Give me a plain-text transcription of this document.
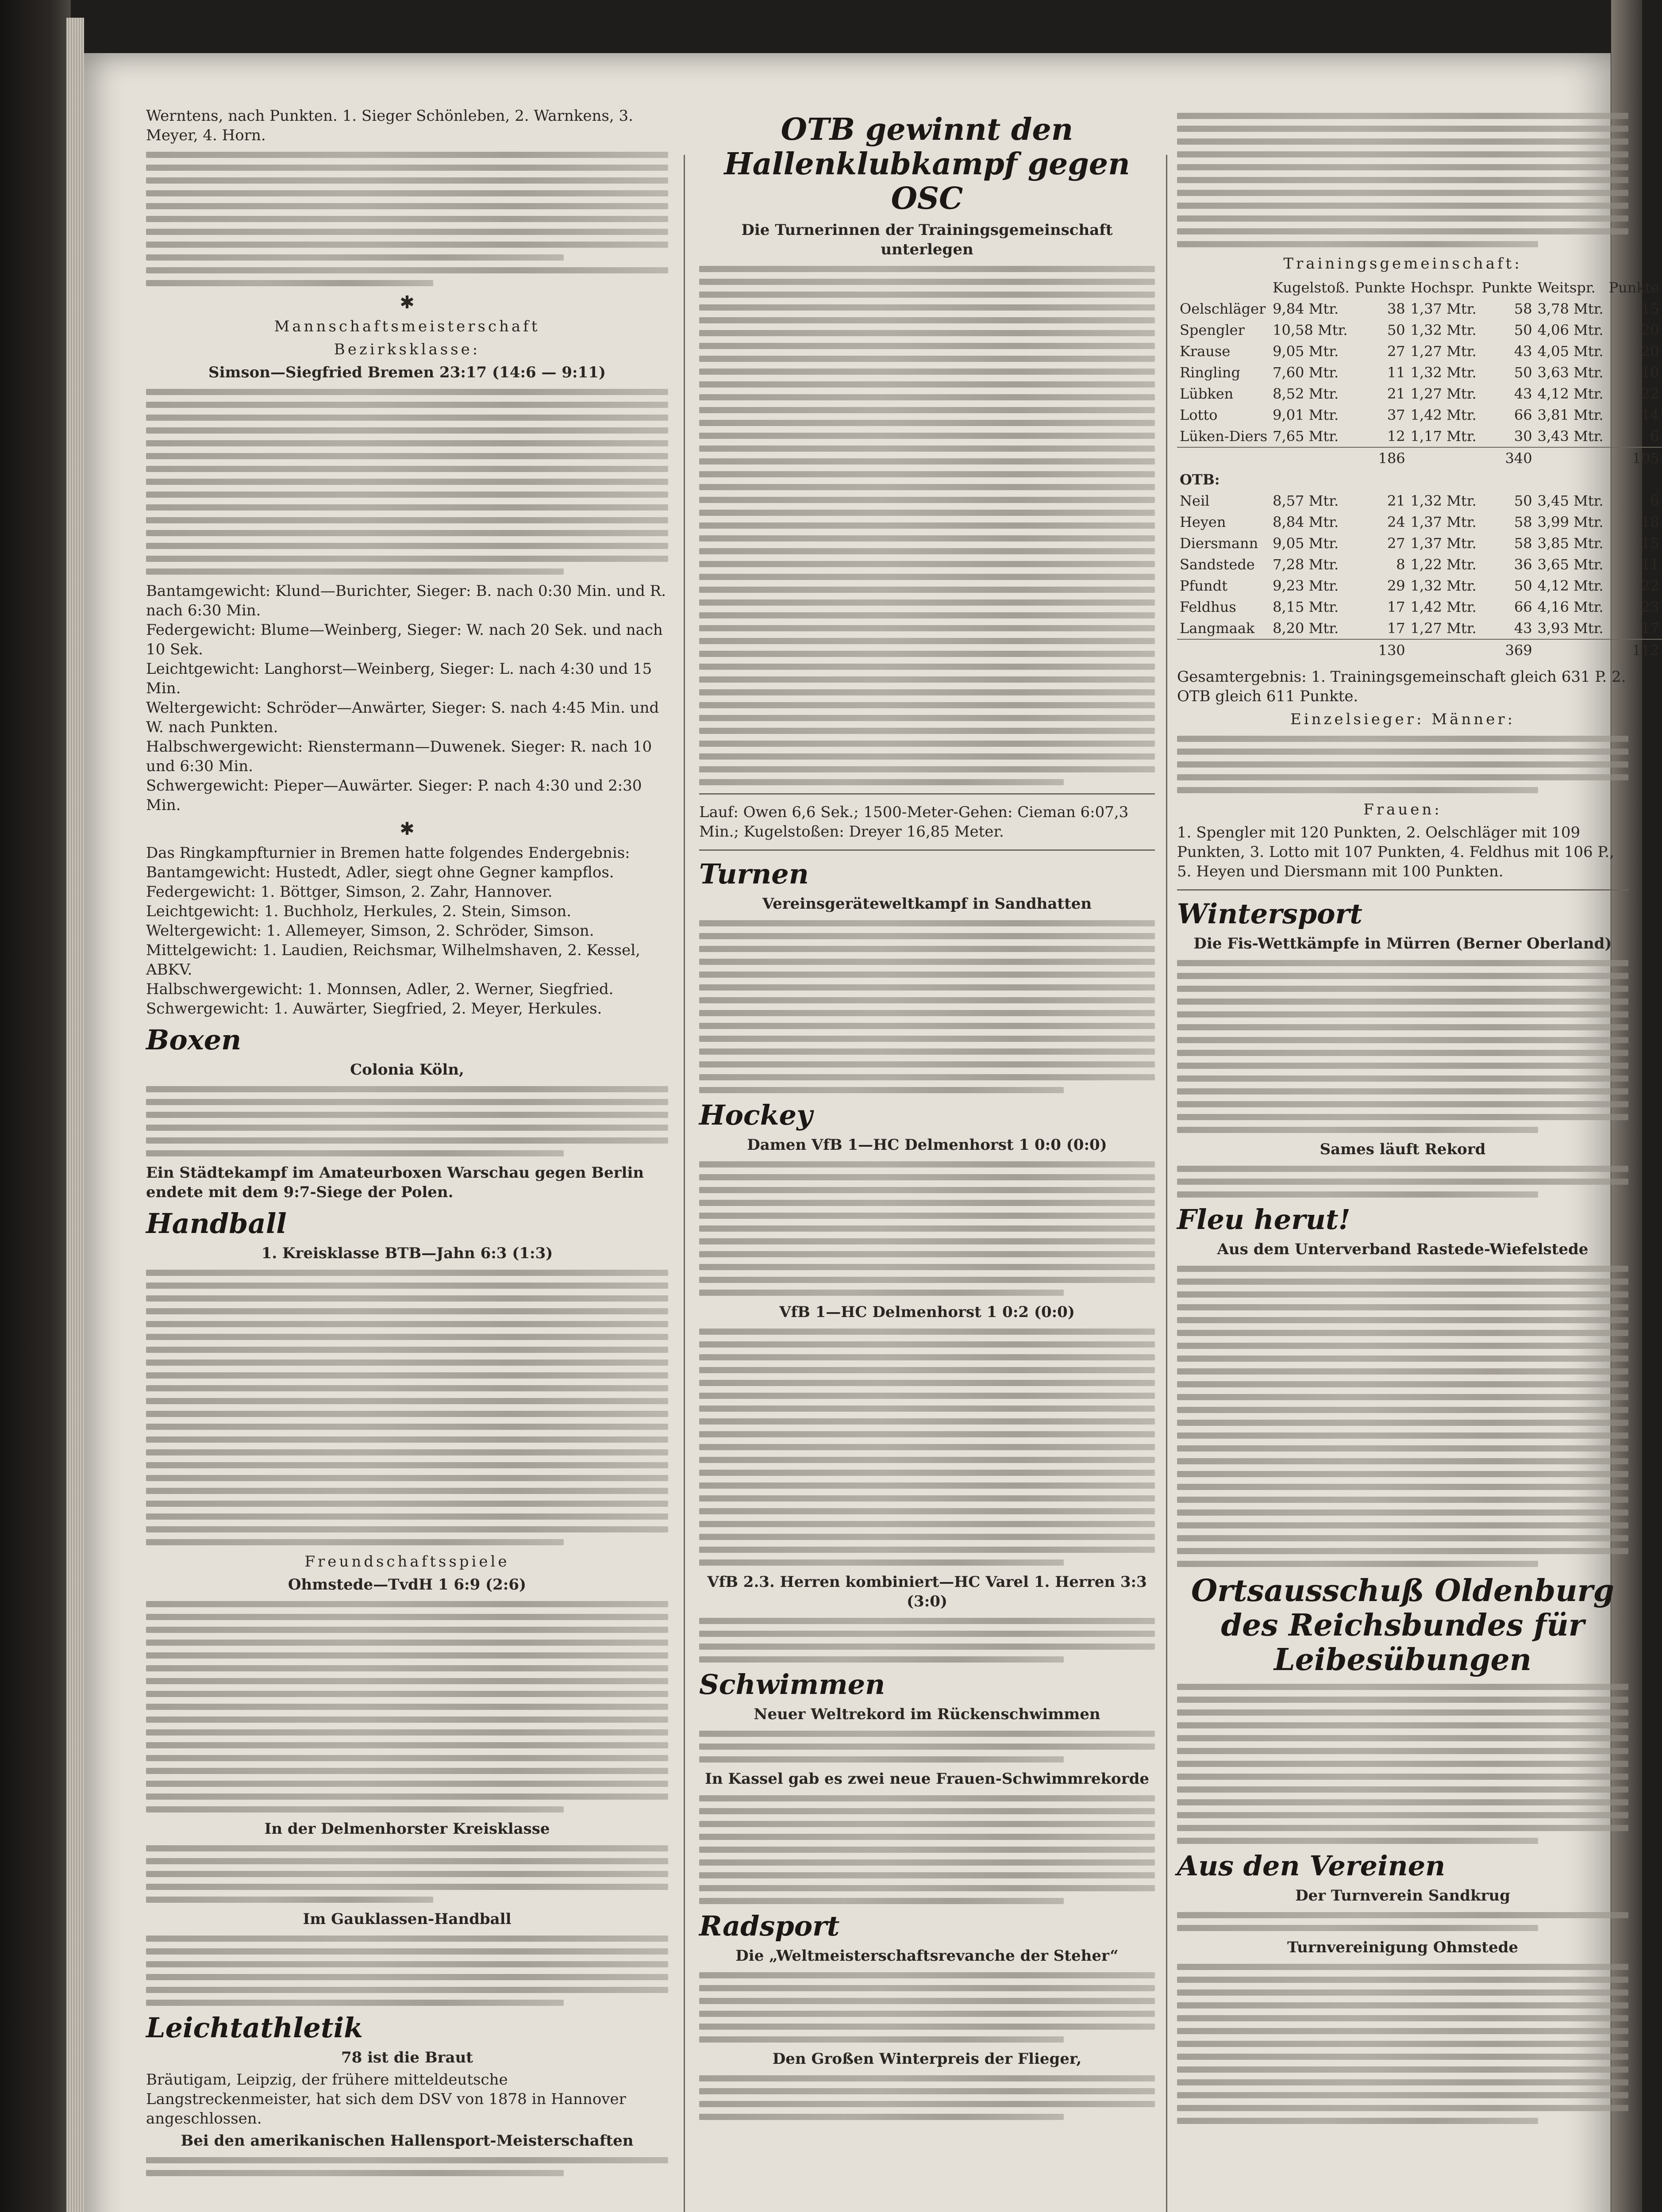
Werntens, nach Punkten. 1. Sieger Schönleben, 2. Warnkens, 3. Meyer, 4. Horn.
✱
Mannschaftsmeisterschaft
Bezirksklasse:
Simson—Siegfried Bremen 23:17 (14:6 — 9:11)
Bantamgewicht: Klund—Burichter, Sieger: B. nach 0:30 Min. und R. nach 6:30 Min.
Federgewicht: Blume—Weinberg, Sieger: W. nach 20 Sek. und nach 10 Sek.
Leichtgewicht: Langhorst—Weinberg, Sieger: L. nach 4:30 und 15 Min.
Weltergewicht: Schröder—Anwärter, Sieger: S. nach 4:45 Min. und W. nach Punkten.
Halbschwergewicht: Rienstermann—Duwenek. Sieger: R. nach 10 und 6:30 Min.
Schwergewicht: Pieper—Auwärter. Sieger: P. nach 4:30 und 2:30 Min.
✱
Das Ringkampfturnier in Bremen hatte folgendes Endergebnis:
Bantamgewicht: Hustedt, Adler, siegt ohne Gegner kampflos.
Federgewicht: 1. Böttger, Simson, 2. Zahr, Hannover.
Leichtgewicht: 1. Buchholz, Herkules, 2. Stein, Simson.
Weltergewicht: 1. Allemeyer, Simson, 2. Schröder, Simson.
Mittelgewicht: 1. Laudien, Reichsmar, Wilhelmshaven, 2. Kessel, ABKV.
Halbschwergewicht: 1. Monnsen, Adler, 2. Werner, Siegfried.
Schwergewicht: 1. Auwärter, Siegfried, 2. Meyer, Herkules.
Boxen
Colonia Köln,
Ein Städtekampf im Amateurboxen Warschau gegen Berlin endete mit dem 9:7-Siege der Polen.
Handball
1. Kreisklasse BTB—Jahn 6:3 (1:3)
Freundschaftsspiele
Ohmstede—TvdH 1 6:9 (2:6)
In der Delmenhorster Kreisklasse
Im Gauklassen-Handball
Leichtathletik
78 ist die Braut
Bräutigam, Leipzig, der frühere mitteldeutsche Langstreckenmeister, hat sich dem DSV von 1878 in Hannover angeschlossen.
Bei den amerikanischen Hallensport-Meisterschaften
OTB gewinnt den Hallenklubkampf gegen OSC
Die Turnerinnen der Trainingsgemeinschaft unterlegen
Lauf: Owen 6,6 Sek.; 1500-Meter-Gehen: Cieman 6:07,3 Min.; Kugelstoßen: Dreyer 16,85 Meter.
Turnen
Vereinsgeräteweltkampf in Sandhatten
Hockey
Damen VfB 1—HC Delmenhorst 1 0:0 (0:0)
VfB 1—HC Delmenhorst 1 0:2 (0:0)
VfB 2.3. Herren kombiniert—HC Varel 1. Herren 3:3 (3:0)
Schwimmen
Neuer Weltrekord im Rückenschwimmen
In Kassel gab es zwei neue Frauen-Schwimmrekorde
Radsport
Die „Weltmeisterschaftsrevanche der Steher“
Den Großen Winterpreis der Flieger,
Trainingsgemeinschaft:
	Kugelstoß.	Punkte	Hochspr.	Punkte	Weitspr.	Punkte
Oelschläger	9,84 Mtr.	38	1,37 Mtr.	58	3,78 Mtr.	15
Spengler	10,58 Mtr.	50	1,32 Mtr.	50	4,06 Mtr.	20
Krause	9,05 Mtr.	27	1,27 Mtr.	43	4,05 Mtr.	20
Ringling	7,60 Mtr.	11	1,32 Mtr.	50	3,63 Mtr.	10
Lübken	8,52 Mtr.	21	1,27 Mtr.	43	4,12 Mtr.	22
Lotto	9,01 Mtr.	37	1,42 Mtr.	66	3,81 Mtr.	14
Lüken-Diers	7,65 Mtr.	12	1,17 Mtr.	30	3,43 Mtr.	6
		186		340		105
OTB:						
Neil	8,57 Mtr.	21	1,32 Mtr.	50	3,45 Mtr.	6
Heyen	8,84 Mtr.	24	1,37 Mtr.	58	3,99 Mtr.	18
Diersmann	9,05 Mtr.	27	1,37 Mtr.	58	3,85 Mtr.	15
Sandstede	7,28 Mtr.	8	1,22 Mtr.	36	3,65 Mtr.	11
Pfundt	9,23 Mtr.	29	1,32 Mtr.	50	4,12 Mtr.	22
Feldhus	8,15 Mtr.	17	1,42 Mtr.	66	4,16 Mtr.	23
Langmaak	8,20 Mtr.	17	1,27 Mtr.	43	3,93 Mtr.	17
		130		369		112
Gesamtergebnis: 1. Trainingsgemeinschaft gleich 631 P. 2. OTB gleich 611 Punkte.
Einzelsieger: Männer:
Frauen:
1. Spengler mit 120 Punkten, 2. Oelschläger mit 109 Punkten, 3. Lotto mit 107 Punkten, 4. Feldhus mit 106 P., 5. Heyen und Diersmann mit 100 Punkten.
Wintersport
Die Fis-Wettkämpfe in Mürren (Berner Oberland)
Sames läuft Rekord
Fleu herut!
Aus dem Unterverband Rastede-Wiefelstede
Ortsausschuß Oldenburg des Reichsbundes für Leibesübungen
Aus den Vereinen
Der Turnverein Sandkrug
Turnvereinigung Ohmstede
